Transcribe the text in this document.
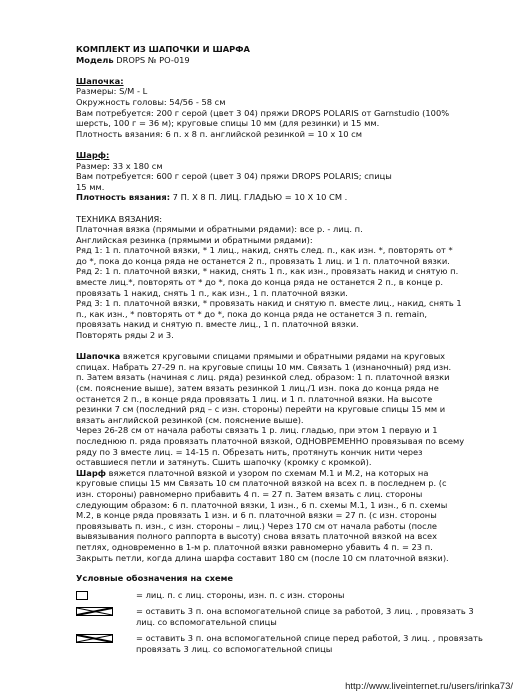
КОМПЛЕКТ ИЗ ШАПОЧКИ И ШАРФА
Модель DROPS № PO-019
Шапочка:
Размеры: S/M - L
Окружность головы: 54/56 - 58 см
Вам потребуется: 200 г серой (цвет 3 04) пряжи DROPS POLARIS от Garnstudio (100%
шерсть, 100 г = 36 м); круговые спицы 10 мм (для резинки) и 15 мм.
Плотность вязания: 6 п. х 8 п. английской резинкой = 10 х 10 см
Шарф:
Размер: 33 х 180 см
Вам потребуется: 600 г серой (цвет 3 04) пряжи DROPS POLARIS; спицы
15 мм.
Плотность вязания: 7 П. Х 8 П. ЛИЦ. ГЛАДЬЮ = 10 Х 10 СМ .
ТЕХНИКА ВЯЗАНИЯ:
Платочная вязка (прямыми и обратными рядами): все р. - лиц. п.
Английская резинка (прямыми и обратными рядами):
Ряд 1: 1 п. платочной вязки, * 1 лиц., накид, снять след. п., как изн. *, повторять от *
до *, пока до конца ряда не останется 2 п., провязать 1 лиц. и 1 п. платочной вязки.
Ряд 2: 1 п. платочной вязки, * накид, снять 1 п., как изн., провязать накид и снятую п.
вместе лиц.*, повторять от * до *, пока до конца ряда не останется 2 п., в конце р.
провязать 1 накид, снять 1 п., как изн., 1 п. платочной вязки.
Ряд 3: 1 п. платочной вязки, * провязать накид и снятую п. вместе лиц., накид, снять 1
п., как изн., * повторять от * до *, пока до конца ряда не останется 3 п. remain,
провязать накид и снятую п. вместе лиц., 1 п. платочной вязки.
Повторять ряды 2 и 3.
Шапочка вяжется круговыми спицами прямыми и обратными рядами на круговых
спицах. Набрать 27-29 п. на круговые спицы 10 мм. Связать 1 (изнаночный) ряд изн.
п. Затем вязать (начиная с лиц. ряда) резинкой след. образом: 1 п. платочной вязки
(см. пояснение выше), затем вязать резинкой 1 лиц./1 изн. пока до конца ряда не
останется 2 п., в конце ряда провязать 1 лиц. и 1 п. платочной вязки. На высоте
резинки 7 см (последний ряд – с изн. стороны) перейти на круговые спицы 15 мм и
вязать английской резинкой (см. пояснение выше).
Через 26-28 см от начала работы связать 1 р. лиц. гладью, при этом 1 первую и 1
последнюю п. ряда провязать платочной вязкой, ОДНОВРЕМЕННО провязывая по всему
ряду по 3 вместе лиц. = 14-15 п. Обрезать нить, протянуть кончик нити через
оставшиеся петли и затянуть. Сшить шапочку (кромку с кромкой).
Шарф вяжется платочной вязкой и узором по схемам М.1 и М.2, на которых на
круговые спицы 15 мм Связать 10 см платочной вязкой на всех п. в последнем р. (с
изн. стороны) равномерно прибавить 4 п. = 27 п. Затем вязать с лиц. стороны
следующим образом: 6 п. платочной вязки, 1 изн., 6 п. схемы М.1, 1 изн., 6 п. схемы
М.2, в конце ряда провязать 1 изн. и 6 п. платочной вязки = 27 п. (с изн. стороны
провязывать п. изн., с изн. стороны – лиц.) Через 170 см от начала работы (после
вывязывания полного раппорта в высоту) снова вязать платочной вязкой на всех
петлях, одновременно в 1-м р. платочной вязки равномерно убавить 4 п. = 23 п.
Закрыть петли, когда длина шарфа составит 180 см (после 10 см платочной вязки).
Условные обозначения на схеме
= лиц. п. с лиц. стороны, изн. п. с изн. стороны
= оставить 3 п. она вспомогательной спице за работой, 3 лиц. , провязать 3
лиц. со вспомогательной спицы
= оставить 3 п. она вспомогательной спице перед работой, 3 лиц. , провязать
провязать 3 лиц. со вспомогательной спицы
http://www.liveinternet.ru/users/irinka73/
